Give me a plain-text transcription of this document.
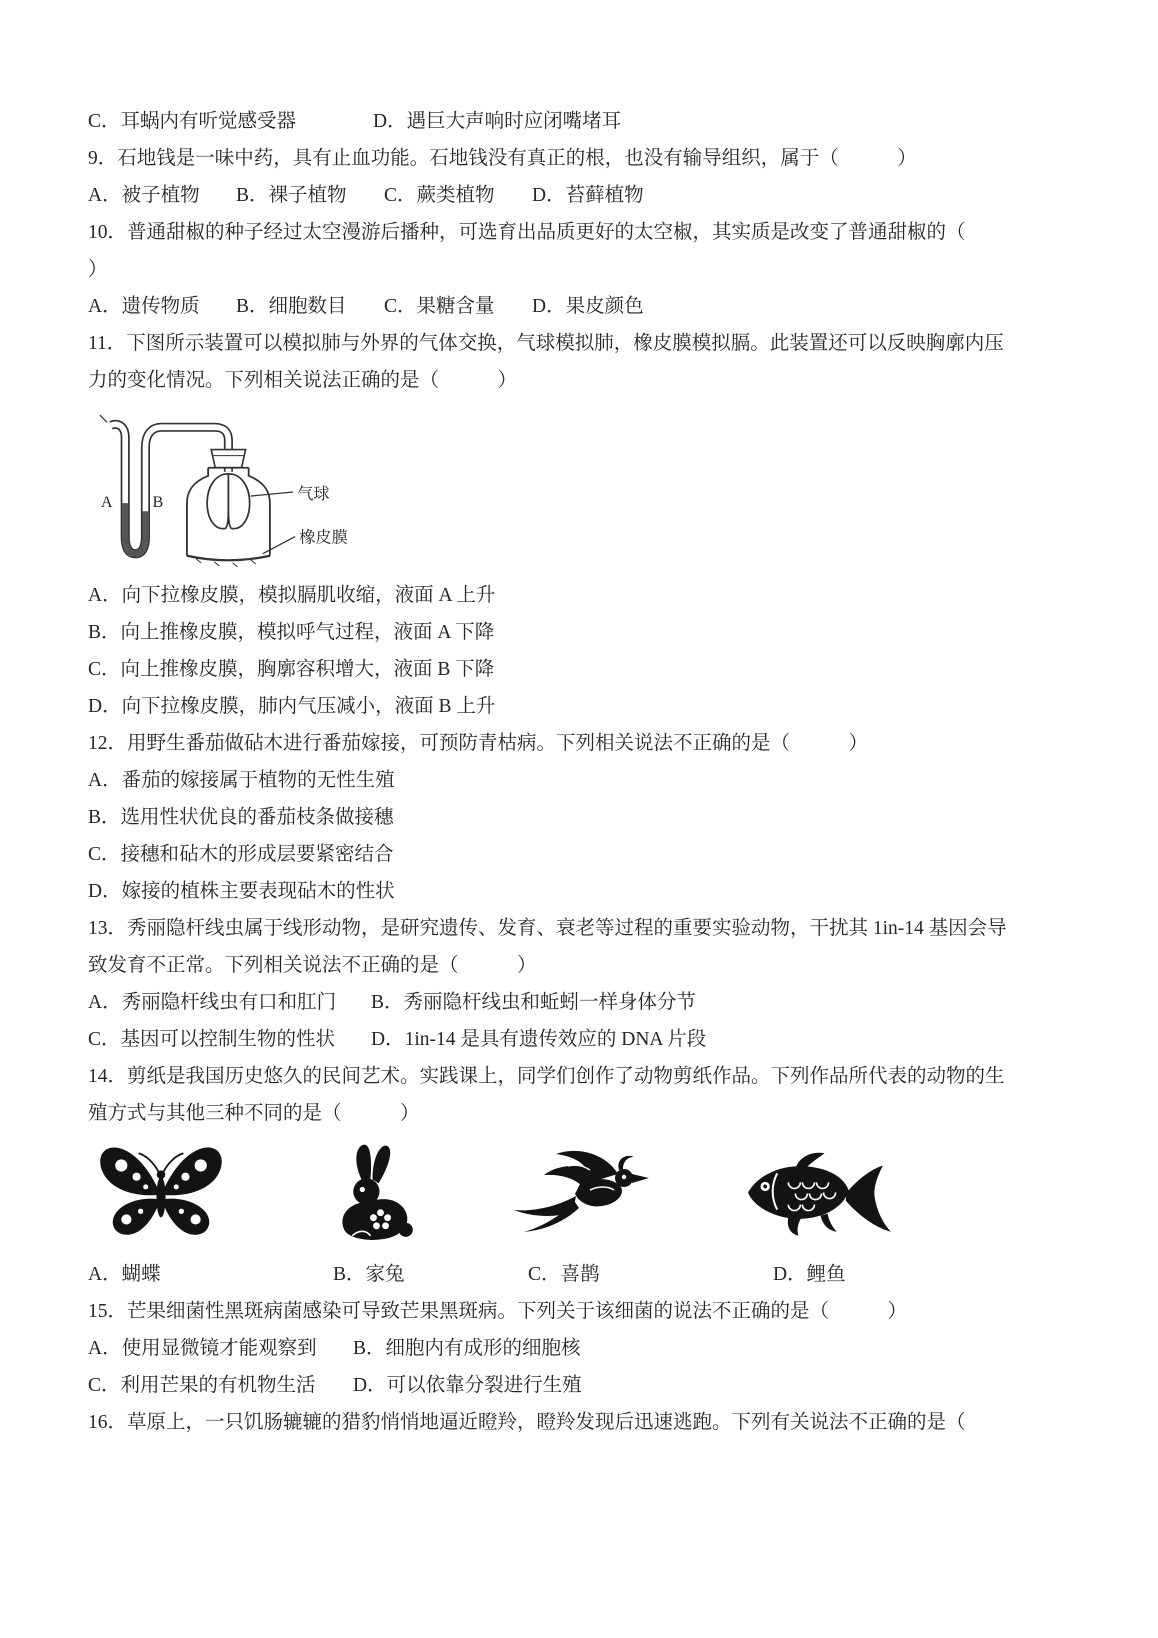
C．耳蜗内有听觉感受器	D．遇巨大声响时应闭嘴堵耳
9．石地钱是一味中药，具有止血功能。石地钱没有真正的根，也没有输导组织，属于（　　　）
A．被子植物 B．裸子植物 C．蕨类植物 D．苔藓植物
10．普通甜椒的种子经过太空漫游后播种，可选育出品质更好的太空椒，其实质是改变了普通甜椒的（
）
A．遗传物质 B．细胞数目 C．果糖含量 D．果皮颜色
11．下图所示装置可以模拟肺与外界的气体交换，气球模拟肺，橡皮膜模拟膈。此装置还可以反映胸廓内压
力的变化情况。下列相关说法正确的是（　　　）
A B	气球
橡皮膜
A．向下拉橡皮膜，模拟膈肌收缩，液面 A 上升
B．向上推橡皮膜，模拟呼气过程，液面 A 下降
C．向上推橡皮膜，胸廓容积增大，液面 B 下降
D．向下拉橡皮膜，肺内气压减小，液面 B 上升
12．用野生番茄做砧木进行番茄嫁接，可预防青枯病。下列相关说法不正确的是（　　　）
A．番茄的嫁接属于植物的无性生殖
B．选用性状优良的番茄枝条做接穗
C．接穗和砧木的形成层要紧密结合
D．嫁接的植株主要表现砧木的性状
13．秀丽隐杆线虫属于线形动物，是研究遗传、发育、衰老等过程的重要实验动物，干扰其 1in-14 基因会导
致发育不正常。下列相关说法不正确的是（　　　）
A．秀丽隐杆线虫有口和肛门 B．秀丽隐杆线虫和蚯蚓一样身体分节
C．基因可以控制生物的性状 D．1in-14 是具有遗传效应的 DNA 片段
14．剪纸是我国历史悠久的民间艺术。实践课上，同学们创作了动物剪纸作品。下列作品所代表的动物的生
殖方式与其他三种不同的是（　　　）
A．蝴蝶	B．家兔	C．喜鹊	D．鲤鱼
15．芒果细菌性黑斑病菌感染可导致芒果黑斑病。下列关于该细菌的说法不正确的是（　　　）
A．使用显微镜才能观察到 B．细胞内有成形的细胞核
C．利用芒果的有机物生活 D．可以依靠分裂进行生殖
16．草原上，一只饥肠辘辘的猎豹悄悄地逼近瞪羚，瞪羚发现后迅速逃跑。下列有关说法不正确的是（
